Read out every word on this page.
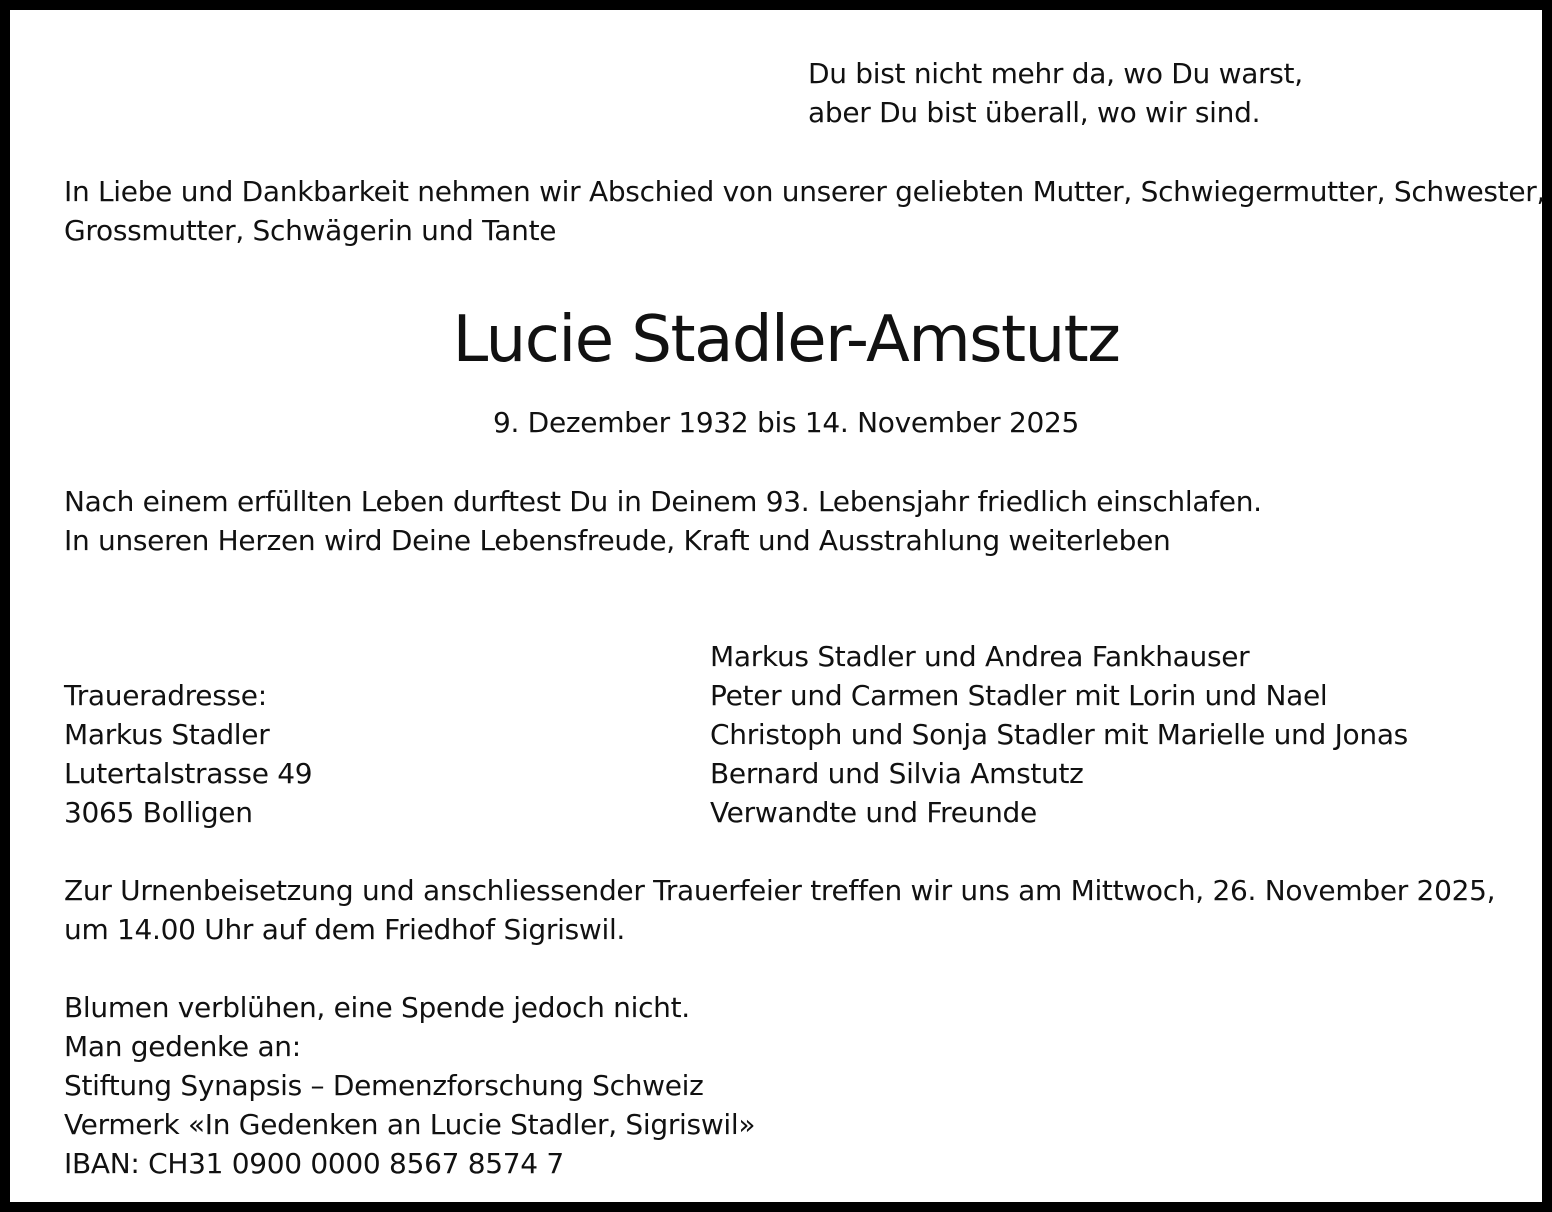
Du bist nicht mehr da, wo Du warst,
aber Du bist überall, wo wir sind.
In Liebe und Dankbarkeit nehmen wir Abschied von unserer geliebten Mutter, Schwiegermutter, Schwester,
Grossmutter, Schwägerin und Tante
Lucie Stadler-Amstutz
9. Dezember 1932 bis 14. November 2025
Nach einem erfüllten Leben durftest Du in Deinem 93. Lebensjahr friedlich einschlafen.
In unseren Herzen wird Deine Lebensfreude, Kraft und Ausstrahlung weiterleben
Traueradresse:
Markus Stadler
Lutertalstrasse 49
3065 Bolligen
Markus Stadler und Andrea Fankhauser
Peter und Carmen Stadler mit Lorin und Nael
Christoph und Sonja Stadler mit Marielle und Jonas
Bernard und Silvia Amstutz
Verwandte und Freunde
Zur Urnenbeisetzung und anschliessender Trauerfeier treffen wir uns am Mittwoch, 26. November 2025,
um 14.00 Uhr auf dem Friedhof Sigriswil.
Blumen verblühen, eine Spende jedoch nicht.
Man gedenke an:
Stiftung Synapsis – Demenzforschung Schweiz
Vermerk «In Gedenken an Lucie Stadler, Sigriswil»
IBAN: CH31 0900 0000 8567 8574 7
